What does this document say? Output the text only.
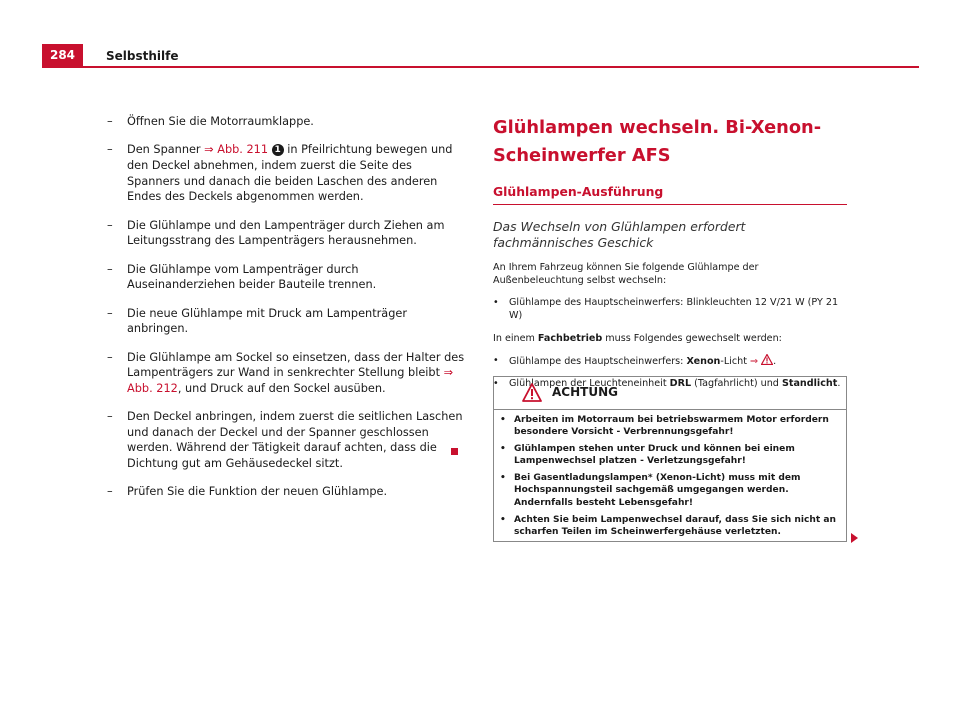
284	Selbsthilfe
– Öffnen Sie die Motorraumklappe.
– Den Spanner ⇒ Abb. 211 1 in Pfeilrichtung bewegen und den Deckel abnehmen, indem zuerst die Seite des Spanners und danach die beiden Laschen des anderen Endes des Deckels abgenommen werden.
– Die Glühlampe und den Lampenträger durch Ziehen am Leitungsstrang des Lampenträgers herausnehmen.
– Die Glühlampe vom Lampenträger durch Auseinanderziehen beider Bauteile trennen.
– Die neue Glühlampe mit Druck am Lampenträger anbringen.
– Die Glühlampe am Sockel so einsetzen, dass der Halter des Lampenträgers zur Wand in senkrechter Stellung bleibt ⇒ Abb. 212, und Druck auf den Sockel ausüben.
– Den Deckel anbringen, indem zuerst die seitlichen Laschen und danach der Deckel und der Spanner geschlossen werden. Während der Tätigkeit darauf achten, dass die Dichtung gut am Gehäusedeckel sitzt.
– Prüfen Sie die Funktion der neuen Glühlampe.
Glühlampen wechseln. Bi-Xenon-Scheinwerfer AFS
Glühlampen-Ausführung
Das Wechseln von Glühlampen erfordert fachmännisches Geschick
An Ihrem Fahrzeug können Sie folgende Glühlampe der Außenbeleuchtung selbst wechseln:
• Glühlampe des Hauptscheinwerfers: Blinkleuchten 12 V/21 W (PY 21 W)
In einem Fachbetrieb muss Folgendes gewechselt werden:
• Glühlampe des Hauptscheinwerfers: Xenon-Licht ⇒ .
• Glühlampen der Leuchteneinheit DRL (Tagfahrlicht) und Standlicht.
ACHTUNG
• Arbeiten im Motorraum bei betriebswarmem Motor erfordern besondere Vorsicht - Verbrennungsgefahr!
• Glühlampen stehen unter Druck und können bei einem Lampenwechsel platzen - Verletzungsgefahr!
• Bei Gasentladungslampen* (Xenon-Licht) muss mit dem Hochspannungsteil sachgemäß umgegangen werden. Andernfalls besteht Lebensgefahr!
• Achten Sie beim Lampenwechsel darauf, dass Sie sich nicht an scharfen Teilen im Scheinwerfergehäuse verletzten.
